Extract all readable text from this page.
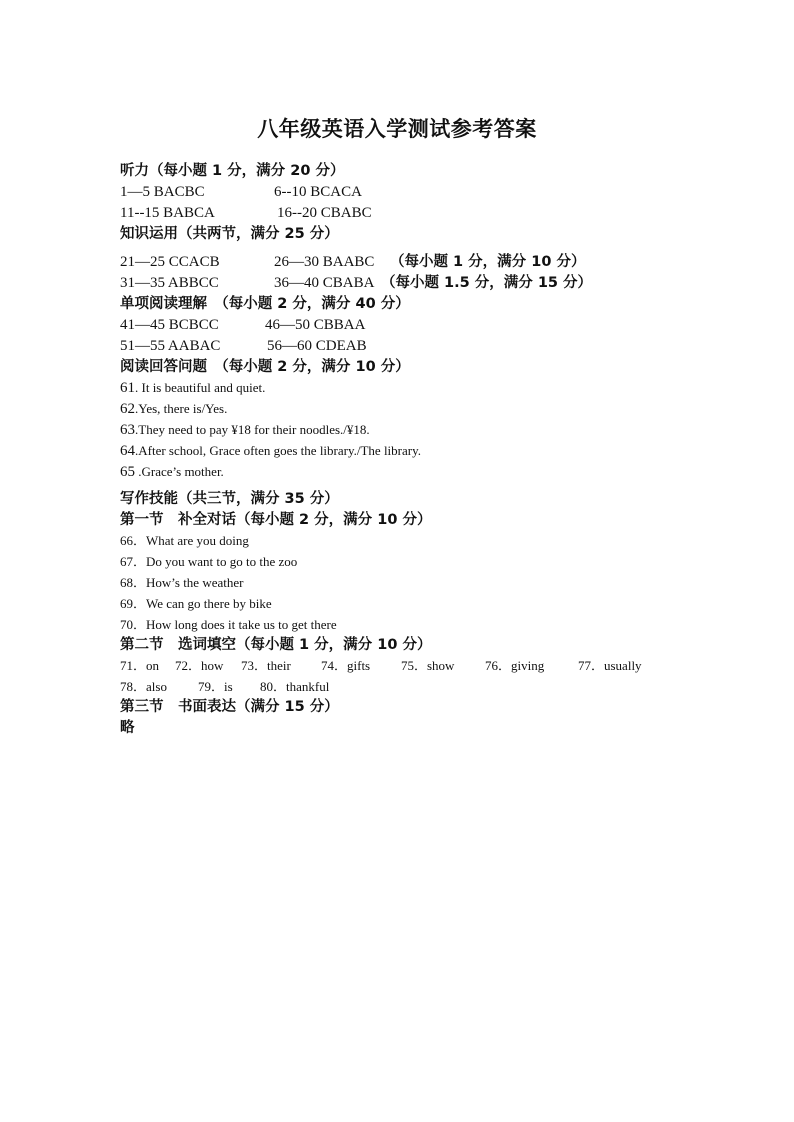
八年级英语入学测试参考答案
听力（每小题 1 分，满分 20 分）
1—5 BACBC	6--10 BCACA
11--15 BABCA	16--20 CBABC
知识运用（共两节，满分 25 分）
21—25 CCACB	26—30 BAABC （每小题 1 分，满分 10 分）
31—35 ABBCC	36—40 CBABA （每小题 1.5 分，满分 15 分）
单项阅读理解　（每小题 2 分，满分 40 分）
41—45 BCBCC	46—50 CBBAA
51—55 AABAC	56—60 CDEAB
阅读回答问题　（每小题 2 分，满分 10 分）
61. It is beautiful and quiet.
62.Yes, there is/Yes.
63.They need to pay ¥18 for their noodles./¥18.
64.After school, Grace often goes the library./The library.
65 .Grace’s mother.
写作技能（共三节，满分 35 分）
第一节　补全对话（每小题 2 分，满分 10 分）
66．What are you doing
67．Do you want to go to the zoo
68．How’s the weather
69．We can go there by bike
70．How long does it take us to get there
第二节　选词填空（每小题 1 分，满分 10 分）
71．on 72．how 73．their 74．gifts 75．show 76．giving	77．usually
78．also 79．is 80．thankful
第三节　书面表达（满分 15 分）
略
